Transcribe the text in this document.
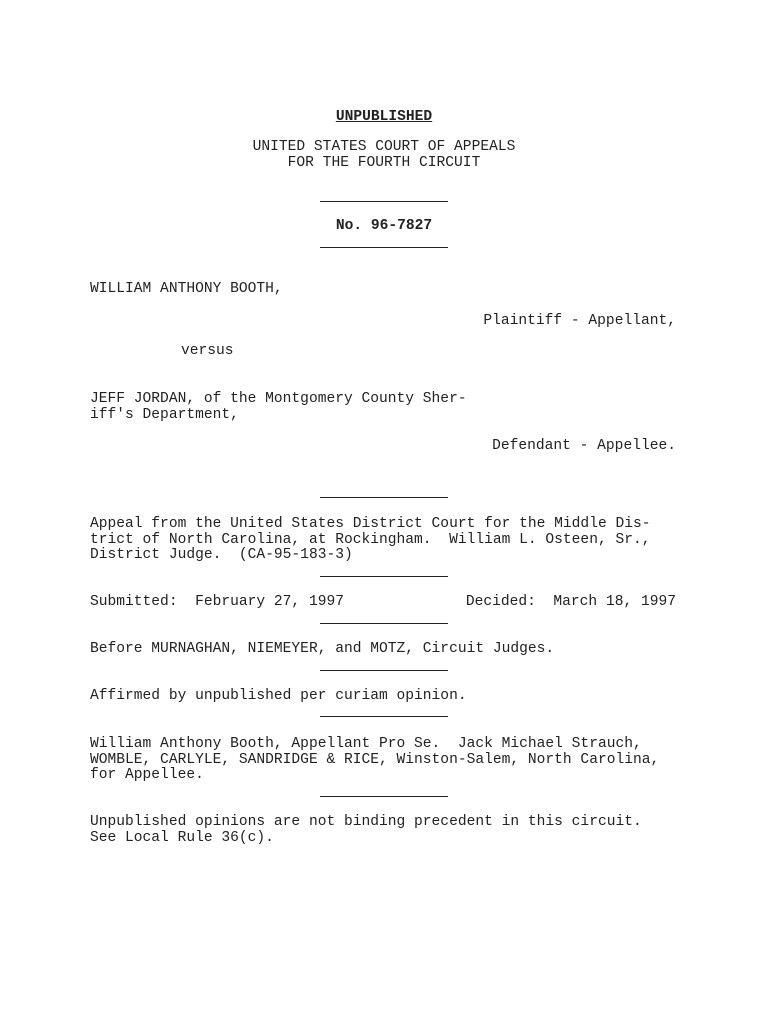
UNPUBLISHED
UNITED STATES COURT OF APPEALS
FOR THE FOURTH CIRCUIT
No. 96-7827
WILLIAM ANTHONY BOOTH,
Plaintiff - Appellant,
versus
JEFF JORDAN, of the Montgomery County Sher-
iff's Department,
Defendant - Appellee.
Appeal from the United States District Court for the Middle Dis-
trict of North Carolina, at Rockingham.  William L. Osteen, Sr.,
District Judge.  (CA-95-183-3)
Submitted:  February 27, 1997	Decided:  March 18, 1997
Before MURNAGHAN, NIEMEYER, and MOTZ, Circuit Judges.
Affirmed by unpublished per curiam opinion.
William Anthony Booth, Appellant Pro Se.  Jack Michael Strauch,
WOMBLE, CARLYLE, SANDRIDGE & RICE, Winston-Salem, North Carolina,
for Appellee.
Unpublished opinions are not binding precedent in this circuit.
See Local Rule 36(c).
